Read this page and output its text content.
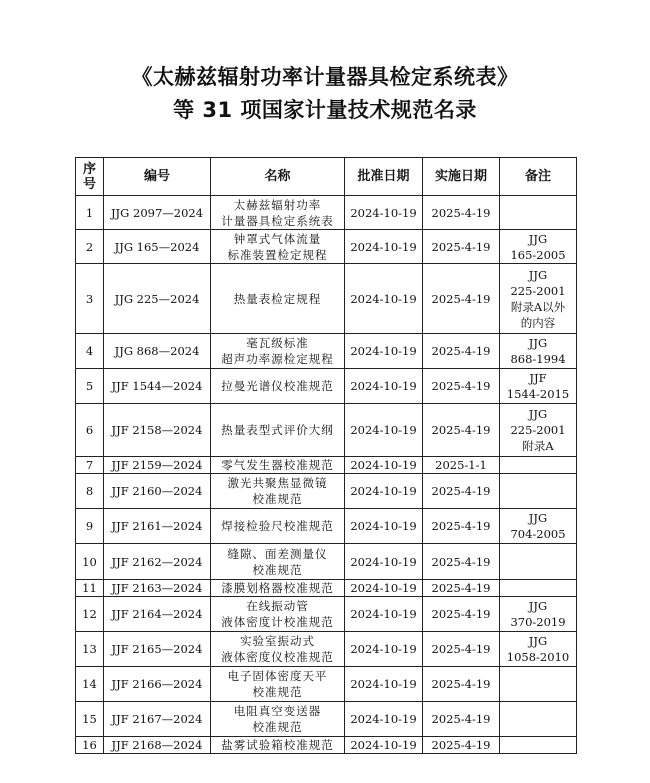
《太赫兹辐射功率计量器具检定系统表》
等 31 项国家计量技术规范名录
序号	编号	名称	批准日期	实施日期	备注
1	JJG 2097—2024	太赫兹辐射功率
计量器具检定系统表	2024-10-19	2025-4-19	
2	JJG 165—2024	钟罩式气体流量
标准装置检定规程	2024-10-19	2025-4-19	JJG
165-2005
3	JJG 225—2024	热量表检定规程	2024-10-19	2025-4-19	JJG
225-2001
附录A以外
的内容
4	JJG 868—2024	毫瓦级标准
超声功率源检定规程	2024-10-19	2025-4-19	JJG
868-1994
5	JJF 1544—2024	拉曼光谱仪校准规范	2024-10-19	2025-4-19	JJF
1544-2015
6	JJF 2158—2024	热量表型式评价大纲	2024-10-19	2025-4-19	JJG
225-2001
附录A
7	JJF 2159—2024	零气发生器校准规范	2024-10-19	2025-1-1	
8	JJF 2160—2024	激光共聚焦显微镜
校准规范	2024-10-19	2025-4-19	
9	JJF 2161—2024	焊接检验尺校准规范	2024-10-19	2025-4-19	JJG
704-2005
10	JJF 2162—2024	缝隙、面差测量仪
校准规范	2024-10-19	2025-4-19	
11	JJF 2163—2024	漆膜划格器校准规范	2024-10-19	2025-4-19	
12	JJF 2164—2024	在线振动管
液体密度计校准规范	2024-10-19	2025-4-19	JJG
370-2019
13	JJF 2165—2024	实验室振动式
液体密度仪校准规范	2024-10-19	2025-4-19	JJG
1058-2010
14	JJF 2166—2024	电子固体密度天平
校准规范	2024-10-19	2025-4-19	
15	JJF 2167—2024	电阻真空变送器
校准规范	2024-10-19	2025-4-19	
16	JJF 2168—2024	盐雾试验箱校准规范	2024-10-19	2025-4-19	
